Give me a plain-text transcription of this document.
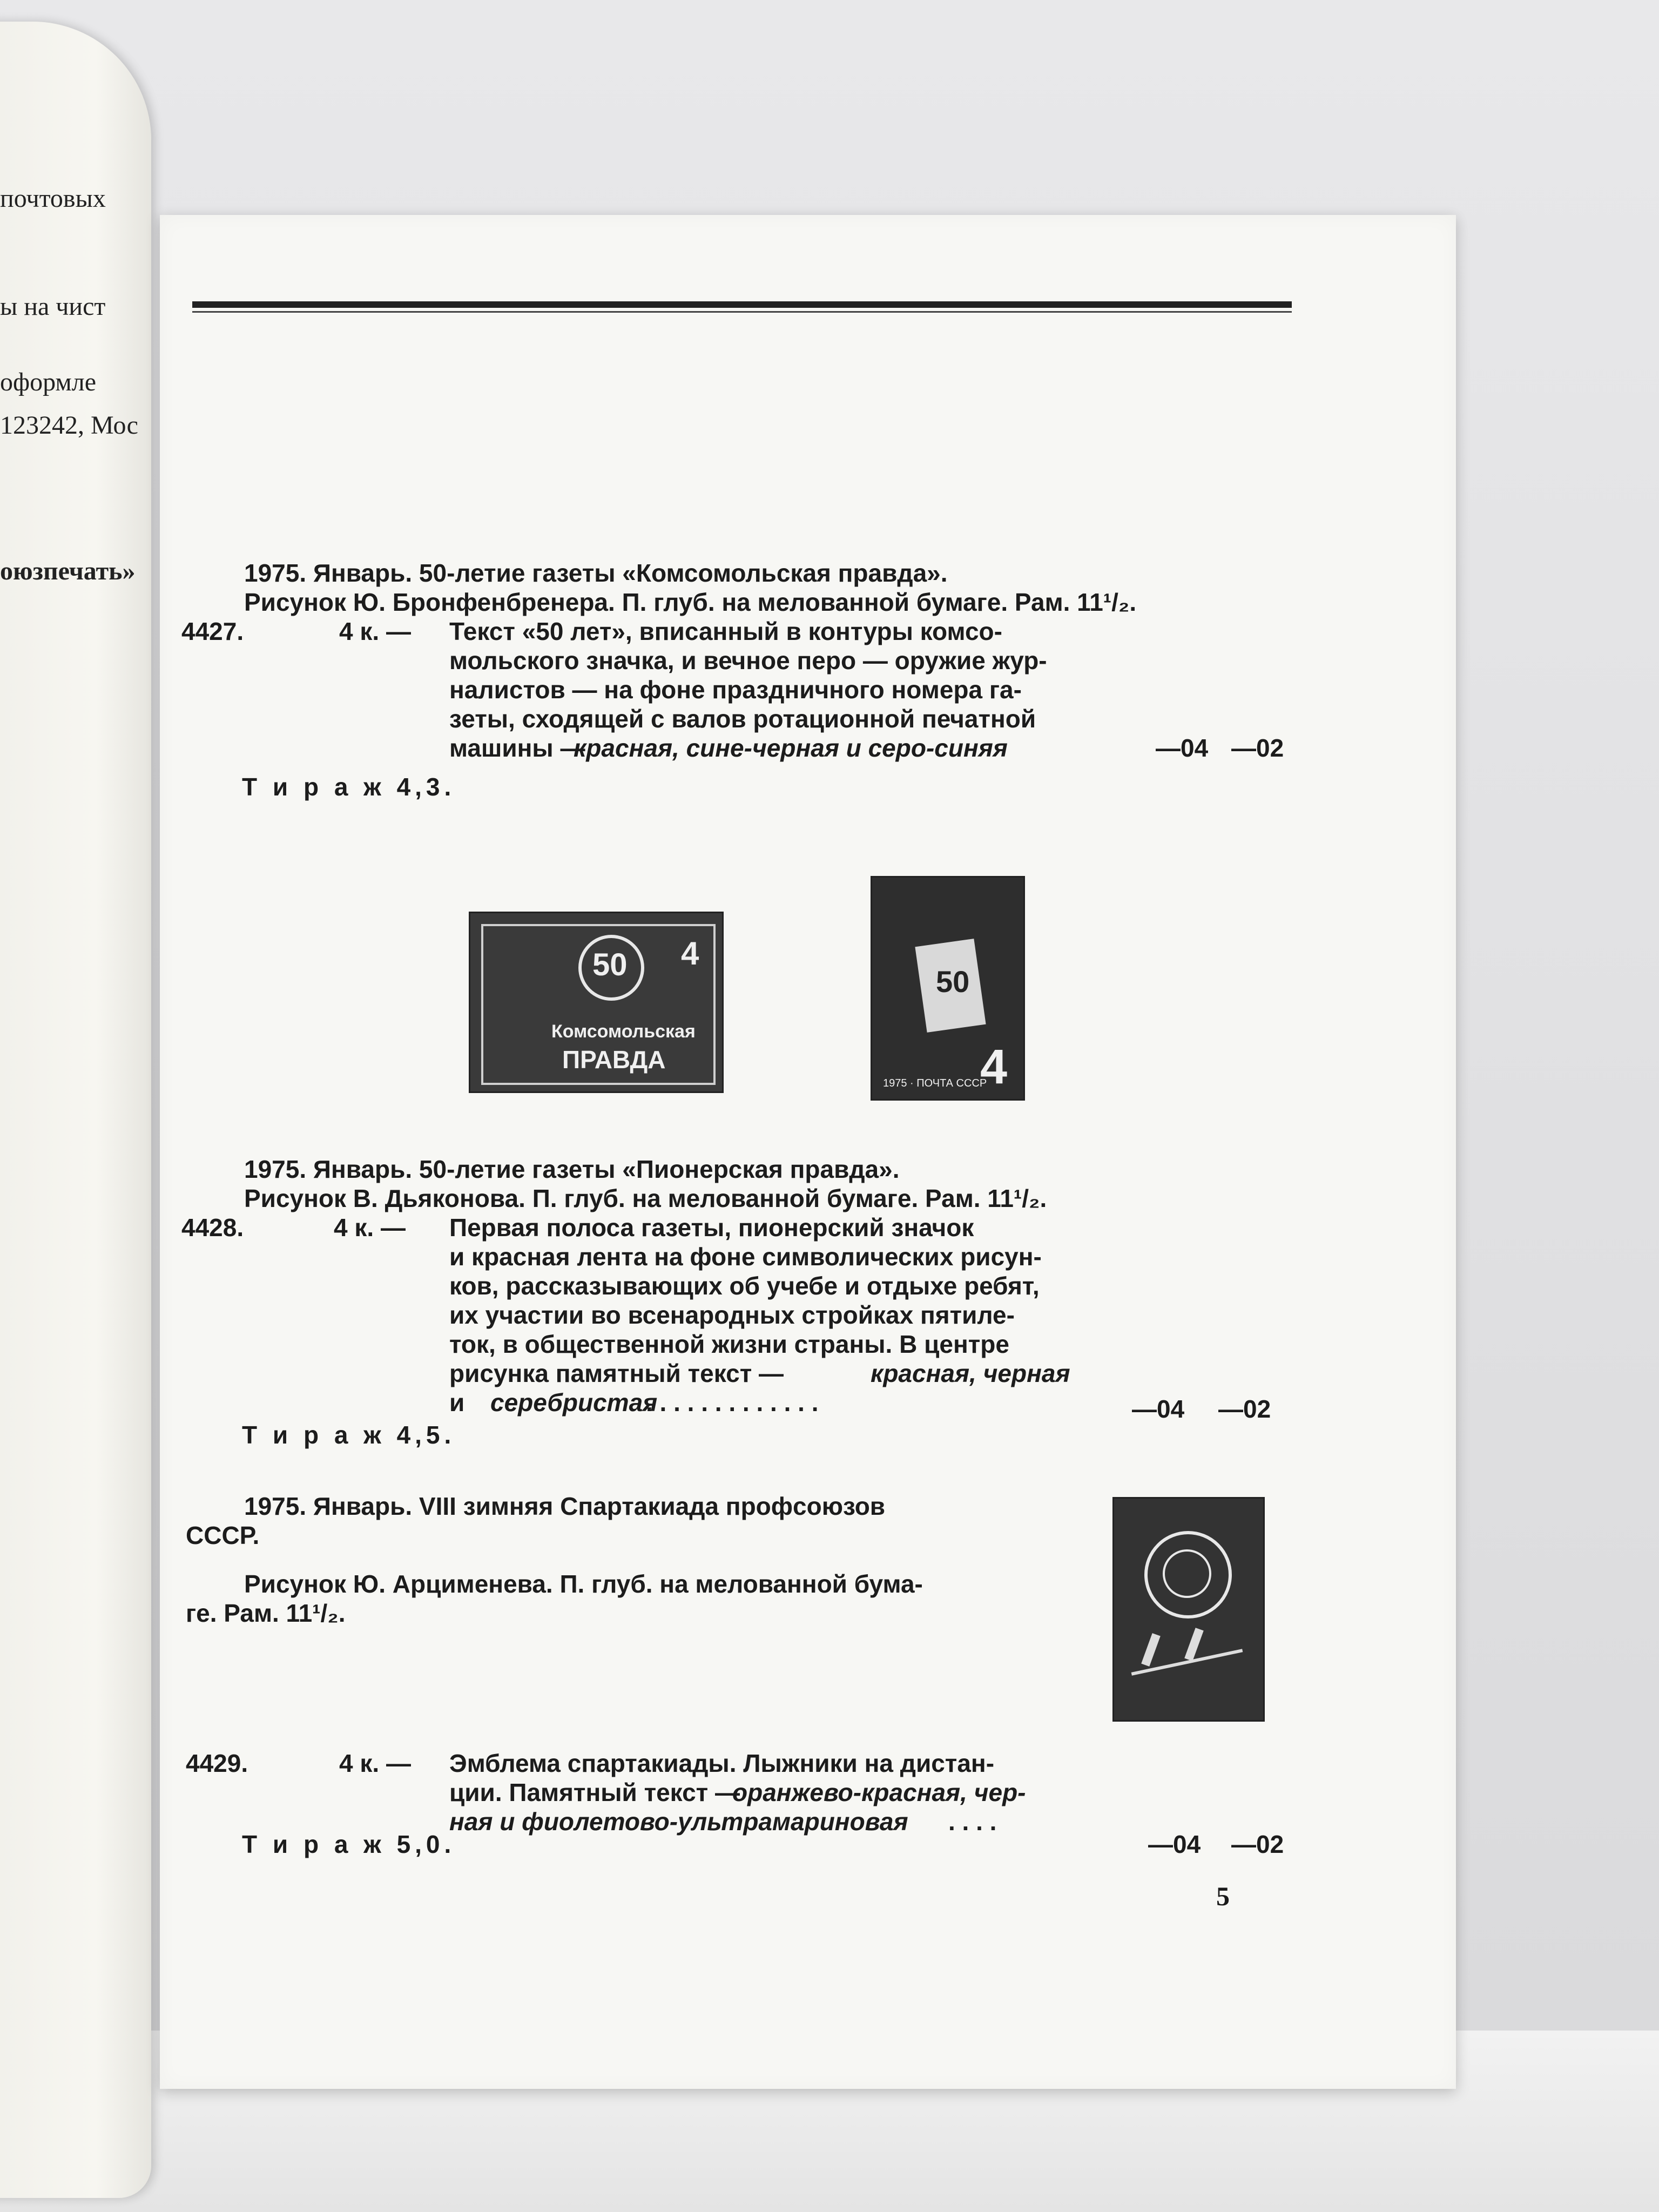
почтовых
ы на чист
оформле
123242, Мос
оюзпечать»	1975. Январь. 50-летие газеты «Комсомольская правда».
Рисунок Ю. Бронфенбренера. П. глуб. на мелованной бумаге. Рам. 11¹/₂.
4427.	4 к. — Текст «50 лет», вписанный в контуры комсо-
мольского значка, и вечное перо — оружие жур-
налистов — на фоне праздничного номера га-
зеты, сходящей с валов ротационной печатной
машины —
красная, сине-черная и серо-синяя	—04 —02
Т и р а ж 4,3.
50 4
Комсомольская
ПРАВДА
50
4
1975 · ПОЧТА СССР
1975. Январь. 50-летие газеты «Пионерская правда».
Рисунок В. Дьяконова. П. глуб. на мелованной бумаге. Рам. 11¹/₂.
4428.	4 к. — Первая полоса газеты, пионерский значок
и красная лента на фоне символических рисун-
ков, рассказывающих об учебе и отдыхе ребят,
их участии во всенародных стройках пятиле-
ток, в общественной жизни страны. В центре
рисунка памятный текст —	красная, черная
и серебристая
. . . . . . . . . . . . .	—04 —02
Т и р а ж 4,5.
1975. Январь. VIII зимняя Спартакиада профсоюзов
СССР.
Рисунок Ю. Арцименева. П. глуб. на мелованной бума-
ге. Рам. 11¹/₂.
4429.	4 к. — Эмблема спартакиады. Лыжники на дистан-
ции. Памятный текст —
оранжево-красная, чер-
ная и фиолетово-ультрамариновая . . . .
—04 —02
Т и р а ж 5,0.
5
